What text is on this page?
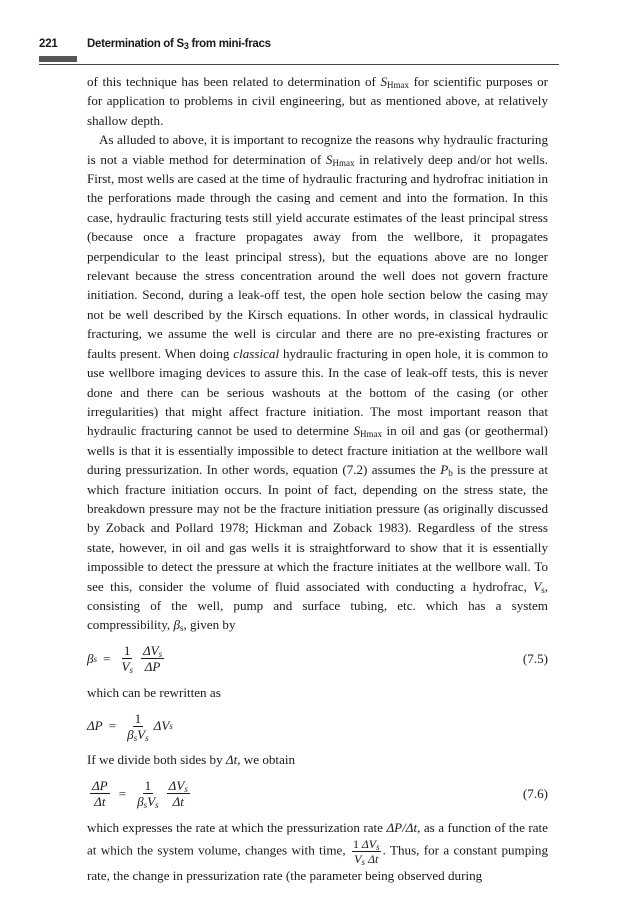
221	Determination of $S_3$ from mini-fracs

of this technique has been related to determination of $S_{Hmax}$ for scientific purposes or for application to problems in civil engineering, but as mentioned above, at relatively shallow depth.

As alluded to above, it is important to recognize the reasons why hydraulic fracturing is not a viable method for determination of $S_{Hmax}$ in relatively deep and/or hot wells. First, most wells are cased at the time of hydraulic fracturing and hydrofrac initiation in the perforations made through the casing and cement and into the formation. In this case, hydraulic fracturing tests still yield accurate estimates of the least principal stress (because once a fracture propagates away from the wellbore, it propagates perpendicular to the least principal stress), but the equations above are no longer relevant because the stress concentration around the well does not govern fracture initiation. Second, during a leak-off test, the open hole section below the casing may not be well described by the Kirsch equations. In other words, in classical hydraulic fracturing, we assume the well is circular and there are no pre-existing fractures or faults present. When doing classical hydraulic fracturing in open hole, it is common to use wellbore imaging devices to assure this. In the case of leak-off tests, this is never done and there can be serious washouts at the bottom of the casing (or other irregularities) that might affect fracture initiation. The most important reason that hydraulic fracturing cannot be used to determine $S_{Hmax}$ in oil and gas (or geothermal) wells is that it is essentially impossible to detect fracture initiation at the wellbore wall during pressurization. In other words, equation (7.2) assumes the $P_b$ is the pressure at which fracture initiation occurs. In point of fact, depending on the stress state, the breakdown pressure may not be the fracture initiation pressure (as originally discussed by Zoback and Pollard 1978; Hickman and Zoback 1983). Regardless of the stress state, however, in oil and gas wells it is straightforward to show that it is essentially impossible to detect the pressure at which the fracture initiates at the wellbore wall. To see this, consider the volume of fluid associated with conducting a hydrofrac, $V_s$, consisting of the well, pump and surface tubing, etc. which has a system compressibility, $\beta_s$, given by

β $s = \frac{1}{V_s} \frac{\Delta V_s}{\Delta P}$	(7.5)

which can be rewritten as

$\Delta P = \frac{1}{\beta_sV_s}$ ΔV s

If we divide both sides by Δt, we obtain

$\frac{\Delta P}{\Delta t} = \frac{1}{\beta_sV_s} \frac{\Delta V_s}{\Delta t}$	(7.6)

which expresses the rate at which the pressurization rate ΔP/Δt, as a function of the rate at which the system volume, changes with time, $\frac{1 \Delta V_s}{V_s \Delta t}$ . Thus, for a constant pumping rate, the change in pressurization rate (the parameter being observed during
